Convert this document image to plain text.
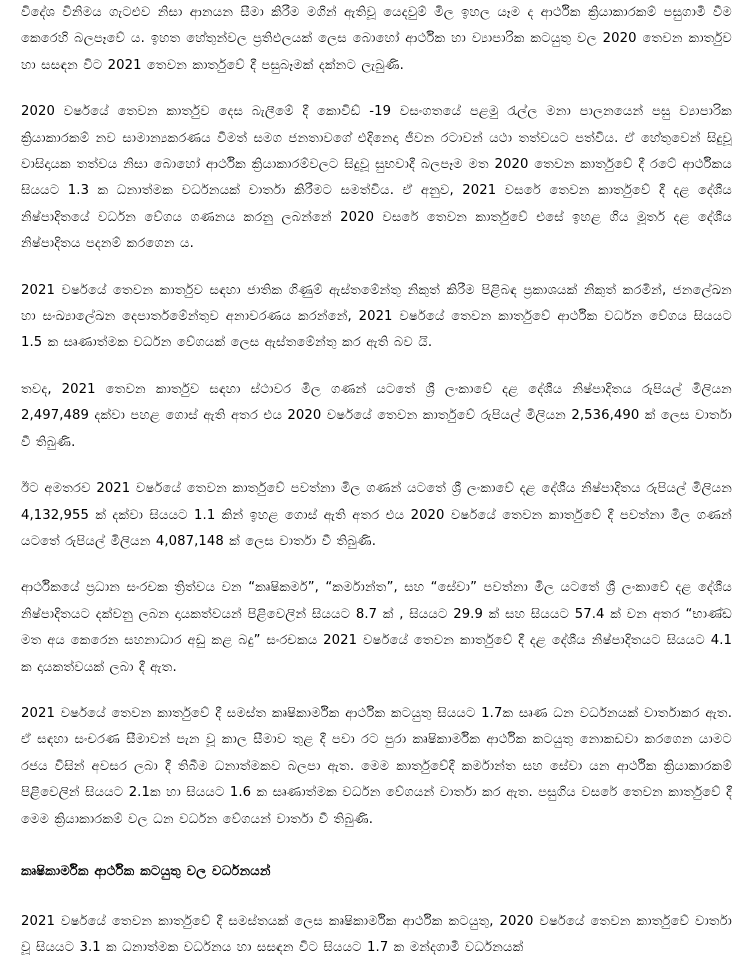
විදේශ විනිමය ගැටළුව නිසා ආනයන සීමා කිරීම මගින් ඇතිවූ යෙදවුම් මිල ඉහල යෑම ද ආර්ථික ක්‍රියාකාරකම් පසුගාමී වීම කෙරෙහි බලපෑවේ ය. ඉහත හේතුන්වල ප්‍රතිඵලයක් ලෙස බොහෝ ආර්ථික හා ව්‍යාපාරික කටයුතු වල 2020 තෙවන කාර්තුව හා සසඳන විට 2021 තෙවන කාර්තුවේ දී පසුබෑමක් දක්නට ලැබුණි.

2020 වර්ෂයේ තෙවන කාර්තුව දෙස බැලීමේ දී කොවිඩ් -19 වසංගතයේ පළමු රැල්ල මනා පාලනයෙන් පසු ව්‍යාපාරික ක්‍රියාකාරකම් නව සාමාන්‍යකරණය වීමත් සමග ජනතාවගේ එදිනෙදා ජීවන රටාවන් යථා තත්වයට පත්විය. ඒ හේතුවෙන් සිදුවූ වාසිදායක තත්වය නිසා බොහෝ ආර්ථික ක්‍රියාකාරම්වලට සිදුවූ සුභවාදී බලපෑම මත 2020 තෙවන කාර්තුවේ දී රටේ ආර්ථිකය සියයට 1.3 ක ධනාත්මක වර්ධනයක් වාර්තා කිරීමට සමත්විය. ඒ අනුව, 2021 වසරේ තෙවන කාර්තුවේ දී දළ දේශීය නිෂ්පාදිතයේ වර්ධන වේගය ගණනය කරනු ලබන්නේ 2020 වසරේ තෙවන කාර්තුවේ එසේ ඉහළ ගිය මූර්ත දළ දේශීය නිෂ්පාදිතය පදනම් කරගෙන ය.

2021 වර්ෂයේ තෙවන කාර්තුව සඳහා ජාතික ගිණුම් ඇස්තමේන්තු නිකුත් කිරීම පිළිබඳ ප්‍රකාශයක් නිකුත් කරමින්, ජනලේඛන හා සංඛ්‍යාලේඛන දෙපාර්තමේන්තුව අනාවරණය කරන්නේ, 2021 වර්ෂයේ තෙවන කාර්තුවේ ආර්ථික වර්ධන වේගය සියයට 1.5 ක සෘණාත්මක වර්ධන වේගයක් ලෙස ඇස්තමේන්තු කර ඇති බව යි.

තවද, 2021 තෙවන කාර්තුව සඳහා ස්ථාවර මිල ගණන් යටතේ ශ්‍රී ලංකාවේ දළ දේශීය නිෂ්පාදිතය රුපියල් මිලියන 2,497,489 දක්වා පහළ ගොස් ඇති අතර එය 2020 වර්ෂයේ තෙවන කාර්තුවේ රුපියල් මිලියන 2,536,490 ක් ලෙස වාර්තා වී තිබුණි.

ඊට අමතරව 2021 වර්ෂයේ තෙවන කාර්තුවේ පවත්නා මිල ගණන් යටතේ ශ්‍රී ලංකාවේ දළ දේශීය නිෂ්පාදිතය රුපියල් මිලියන 4,132,955 ක් දක්වා සියයට 1.1 කින් ඉහළ ගොස් ඇති අතර එය 2020 වර්ෂයේ තෙවන කාර්තුවේ දී පවත්නා මිල ගණන් යටතේ රුපියල් මිලියන 4,087,148 ක් ලෙස වාර්තා වී තිබුණි.

ආර්ථිකයේ ප්‍රධාන සංරචක ත්‍රිත්වය වන “කෘෂිකර්ම”, “කර්මාන්ත”, සහ “සේවා” පවත්නා මිල යටතේ ශ්‍රී ලංකාවේ දළ දේශීය නිෂ්පාදිතයට දක්වනු ලබන දායකත්වයන් පිළිවෙලින් සියයට 8.7 ක් , සියයට 29.9 ක් සහ සියයට 57.4 ක් වන අතර “භාණ්ඩ මත අය කෙරෙන සහනාධාර අඩු කළ බදු” සංරචකය 2021 වර්ෂයේ තෙවන කාර්තුවේ දී දළ දේශීය නිෂ්පාදිතයට සියයට 4.1 ක දායකත්වයක් ලබා දී ඇත.

2021 වර්ෂයේ තෙවන කාර්තුවේ දී සමස්ත කෘෂිකාර්මික ආර්ථික කටයුතු සියයට 1.7ක සෘණ ධන වර්ධනයක් වාර්තාකර ඇත. ඒ සඳහා සංචරණ සීමාවන් පැන වූ කාල සීමාව තුළ දී පවා රට පුරා කෘෂිකාර්මික ආර්ථික කටයුතු නොකඩවා කරගෙන යාමට රජය විසින් අවසර ලබා දී තිබීම ධනාත්මකව බලපා ඇත. මෙම කාර්තුවේදී කර්මාන්ත සහ සේවා යන ආර්ථික ක්‍රියාකාරකම් පිළිවෙලින් සියයට 2.1ක හා සියයට 1.6 ක සෘණාත්මක වර්ධන වේගයන් වාර්තා කර ඇත. පසුගිය වසරේ තෙවන කාර්තුවේ දී මෙම ක්‍රියාකාරකම් වල ධන වර්ධන වේගයන් වාර්තා වී තිබුණි.

කෘෂිකාර්මික ආර්ථික කටයුතු වල වර්ධනයන්

2021 වර්ෂයේ තෙවන කාර්තුවේ දී සමස්තයක් ලෙස කෘෂිකාර්මික ආර්ථික කටයුතු, 2020 වර්ෂයේ තෙවන කාර්තුවේ වාර්තා වූ සියයට 3.1 ක ධනාත්මක වර්ධනය හා සසඳන විට සියයට 1.7 ක මන්දගාමී වර්ධනයක්
